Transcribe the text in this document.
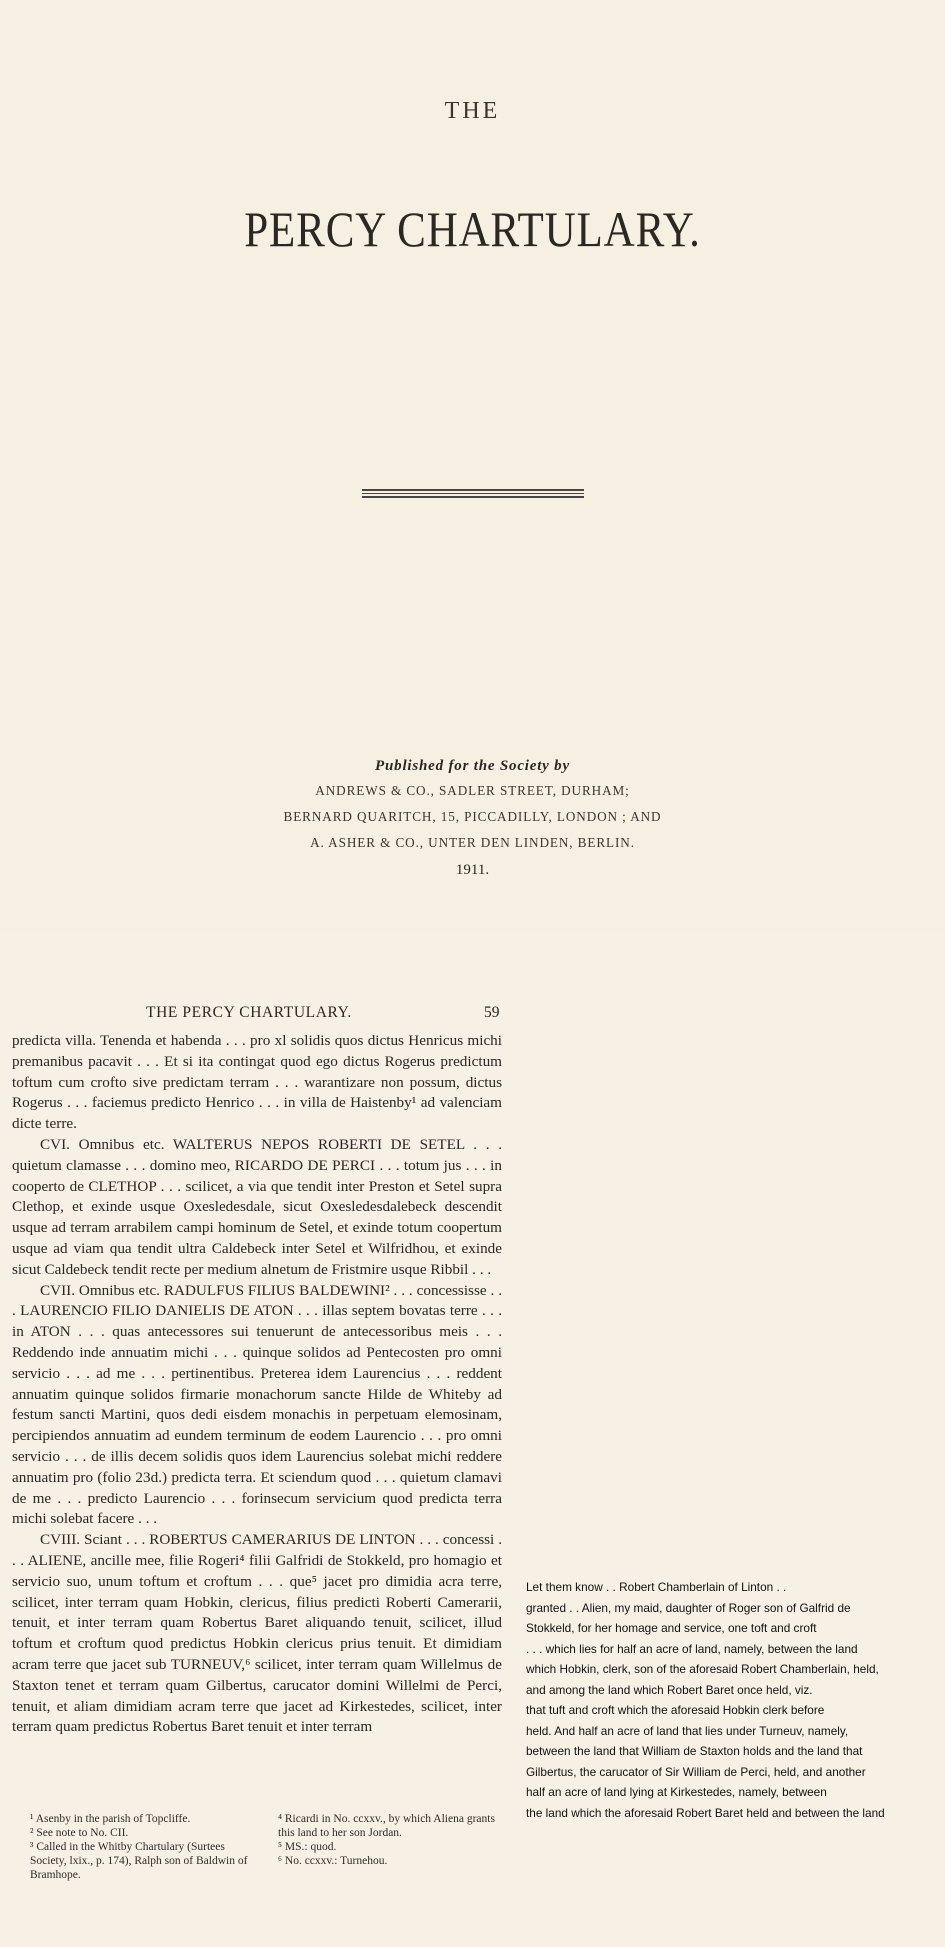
THE
PERCY CHARTULARY.
Published for the Society by

ANDREWS & CO., SADLER STREET, DURHAM;

BERNARD QUARITCH, 15, PICCADILLY, LONDON ; AND

A. ASHER & CO., UNTER DEN LINDEN, BERLIN.

1911.
THE PERCY CHARTULARY.	59

predicta villa. Tenenda et habenda . . . pro xl solidis quos dictus Henricus michi premanibus pacavit . . . Et si ita contingat quod ego dictus Rogerus predictum toftum cum crofto sive predictam terram . . . warantizare non possum, dictus Rogerus . . . faciemus predicto Henrico . . . in villa de Haistenby¹ ad valenciam dicte terre.

CVI. Omnibus etc. WALTERUS NEPOS ROBERTI DE SETEL . . . quietum clamasse . . . domino meo, RICARDO DE PERCI . . . totum jus . . . in cooperto de CLETHOP . . . scilicet, a via que tendit inter Preston et Setel supra Clethop, et exinde usque Oxesledesdale, sicut Oxesledesdalebeck descendit usque ad terram arrabilem campi hominum de Setel, et exinde totum coopertum usque ad viam qua tendit ultra Caldebeck inter Setel et Wilfridhou, et exinde sicut Caldebeck tendit recte per medium alnetum de Fristmire usque Ribbil . . .

CVII. Omnibus etc. RADULFUS FILIUS BALDEWINI² . . . concessisse . . . LAURENCIO FILIO DANIELIS DE ATON . . . illas septem bovatas terre . . . in ATON . . . quas antecessores sui tenuerunt de antecessoribus meis . . . Reddendo inde annuatim michi . . . quinque solidos ad Pentecosten pro omni servicio . . . ad me . . . pertinentibus. Preterea idem Laurencius . . . reddent annuatim quinque solidos firmarie monachorum sancte Hilde de Whiteby ad festum sancti Martini, quos dedi eisdem monachis in perpetuam elemosinam, percipiendos annuatim ad eundem terminum de eodem Laurencio . . . pro omni servicio . . . de illis decem solidis quos idem Laurencius solebat michi reddere annuatim pro (folio 23d.) predicta terra. Et sciendum quod . . . quietum clamavi de me . . . predicto Laurencio . . . forinsecum servicium quod predicta terra michi solebat facere . . .

CVIII. Sciant . . . ROBERTUS CAMERARIUS DE LINTON . . . concessi . . . ALIENE, ancille mee, filie Rogeri⁴ filii Galfridi de Stokkeld, pro homagio et servicio suo, unum toftum et croftum . . . que⁵ jacet pro dimidia acra terre, scilicet, inter terram quam Hobkin, clericus, filius predicti Roberti Camerarii, tenuit, et inter terram quam Robertus Baret aliquando tenuit, scilicet, illud toftum et croftum quod predictus Hobkin clericus prius tenuit. Et dimidiam acram terre que jacet sub TURNEUV,⁶ scilicet, inter terram quam Willelmus de Staxton tenet et terram quam Gilbertus, carucator domini Willelmi de Perci, tenuit, et aliam dimidiam acram terre que jacet ad Kirkestedes, scilicet, inter terram quam predictus Robertus Baret tenuit et inter terram

¹ Asenby in the parish of Topcliffe.

² See note to No. CII.

³ Called in the Whitby Chartulary (Surtees Society, lxix., p. 174), Ralph son of Baldwin of Bramhope.

⁴ Ricardi in No. ccxxv., by which Aliena grants this land to her son Jordan.

⁵ MS.: quod.

⁶ No. ccxxv.: Turnehou.

Let them know . . Robert Chamberlain of Linton . .
granted . . Alien, my maid, daughter of Roger son of Galfrid de
Stokkeld, for her homage and service, one toft and croft
. . . which lies for half an acre of land, namely, between the land
which Hobkin, clerk, son of the aforesaid Robert Chamberlain, held,
and among the land which Robert Baret once held, viz.
that tuft and croft which the aforesaid Hobkin clerk before
held. And half an acre of land that lies under Turneuv, namely,
between the land that William de Staxton holds and the land that
Gilbertus, the carucator of Sir William de Perci, held, and another
half an acre of land lying at Kirkestedes, namely, between
the land which the aforesaid Robert Baret held and between the land
